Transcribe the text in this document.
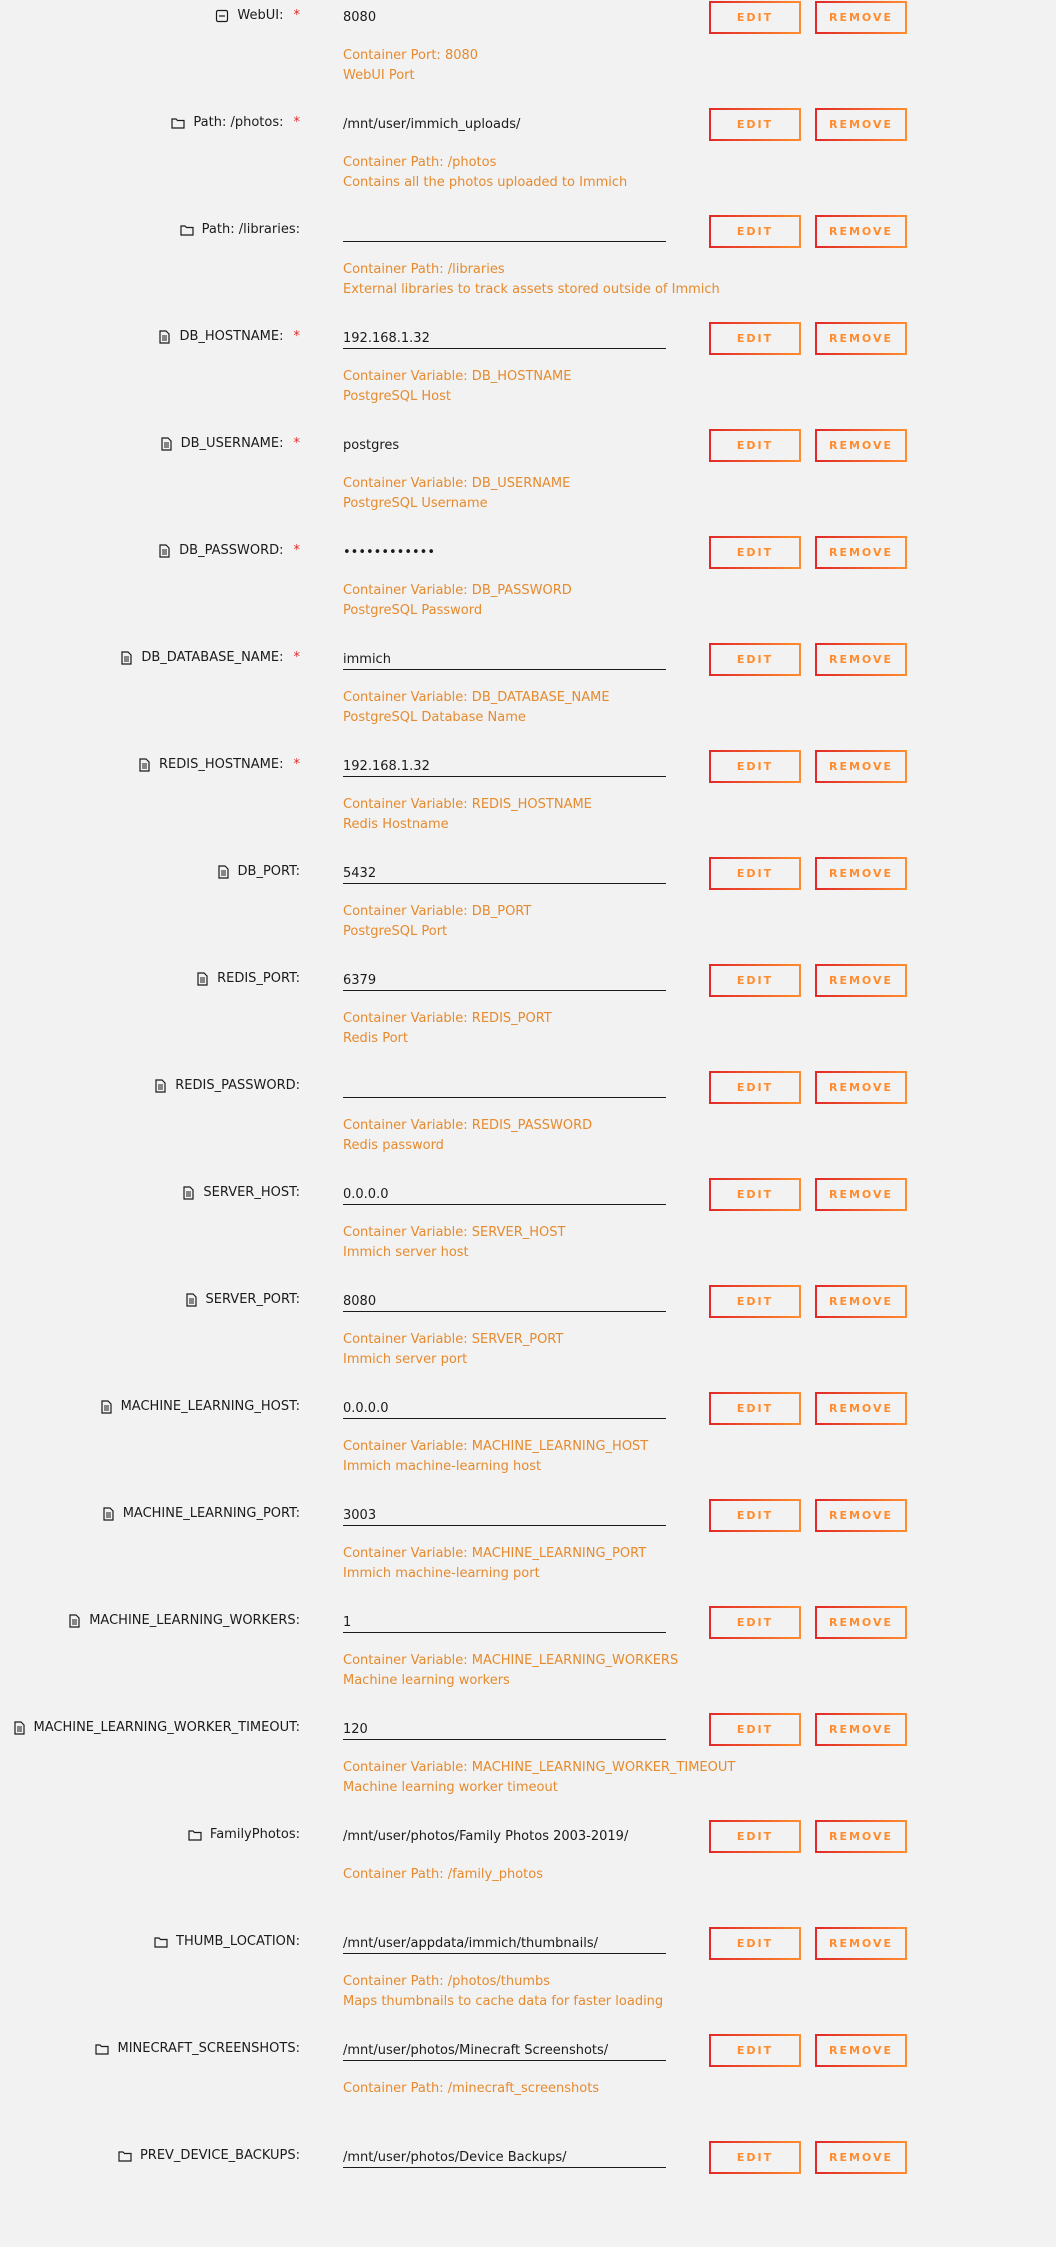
WebUI: *	8080	EDIT	REMOVE
Container Port: 8080
WebUI Port
Path: /photos: *	/mnt/user/immich_uploads/	EDIT	REMOVE
Container Path: /photos
Contains all the photos uploaded to Immich
Path: /libraries:	EDIT	REMOVE
Container Path: /libraries
External libraries to track assets stored outside of Immich
DB_HOSTNAME: *	192.168.1.32	EDIT	REMOVE
Container Variable: DB_HOSTNAME
PostgreSQL Host
DB_USERNAME: *	postgres	EDIT	REMOVE
Container Variable: DB_USERNAME
PostgreSQL Username
DB_PASSWORD: *	••••••••••••	EDIT	REMOVE
Container Variable: DB_PASSWORD
PostgreSQL Password
DB_DATABASE_NAME: *	immich	EDIT	REMOVE
Container Variable: DB_DATABASE_NAME
PostgreSQL Database Name
REDIS_HOSTNAME: *	192.168.1.32	EDIT	REMOVE
Container Variable: REDIS_HOSTNAME
Redis Hostname
DB_PORT:	5432	EDIT	REMOVE
Container Variable: DB_PORT
PostgreSQL Port
REDIS_PORT:	6379	EDIT	REMOVE
Container Variable: REDIS_PORT
Redis Port
REDIS_PASSWORD:	EDIT	REMOVE
Container Variable: REDIS_PASSWORD
Redis password
SERVER_HOST:	0.0.0.0	EDIT	REMOVE
Container Variable: SERVER_HOST
Immich server host
SERVER_PORT:	8080	EDIT	REMOVE
Container Variable: SERVER_PORT
Immich server port
MACHINE_LEARNING_HOST:	0.0.0.0	EDIT	REMOVE
Container Variable: MACHINE_LEARNING_HOST
Immich machine-learning host
MACHINE_LEARNING_PORT:	3003	EDIT	REMOVE
Container Variable: MACHINE_LEARNING_PORT
Immich machine-learning port
MACHINE_LEARNING_WORKERS:	1	EDIT	REMOVE
Container Variable: MACHINE_LEARNING_WORKERS
Machine learning workers
MACHINE_LEARNING_WORKER_TIMEOUT:	120	EDIT	REMOVE
Container Variable: MACHINE_LEARNING_WORKER_TIMEOUT
Machine learning worker timeout
FamilyPhotos:	/mnt/user/photos/Family Photos 2003-2019/	EDIT	REMOVE
Container Path: /family_photos
THUMB_LOCATION:	/mnt/user/appdata/immich/thumbnails/	EDIT	REMOVE
Container Path: /photos/thumbs
Maps thumbnails to cache data for faster loading
MINECRAFT_SCREENSHOTS:	/mnt/user/photos/Minecraft Screenshots/	EDIT	REMOVE
Container Path: /minecraft_screenshots
PREV_DEVICE_BACKUPS:	/mnt/user/photos/Device Backups/	EDIT	REMOVE
